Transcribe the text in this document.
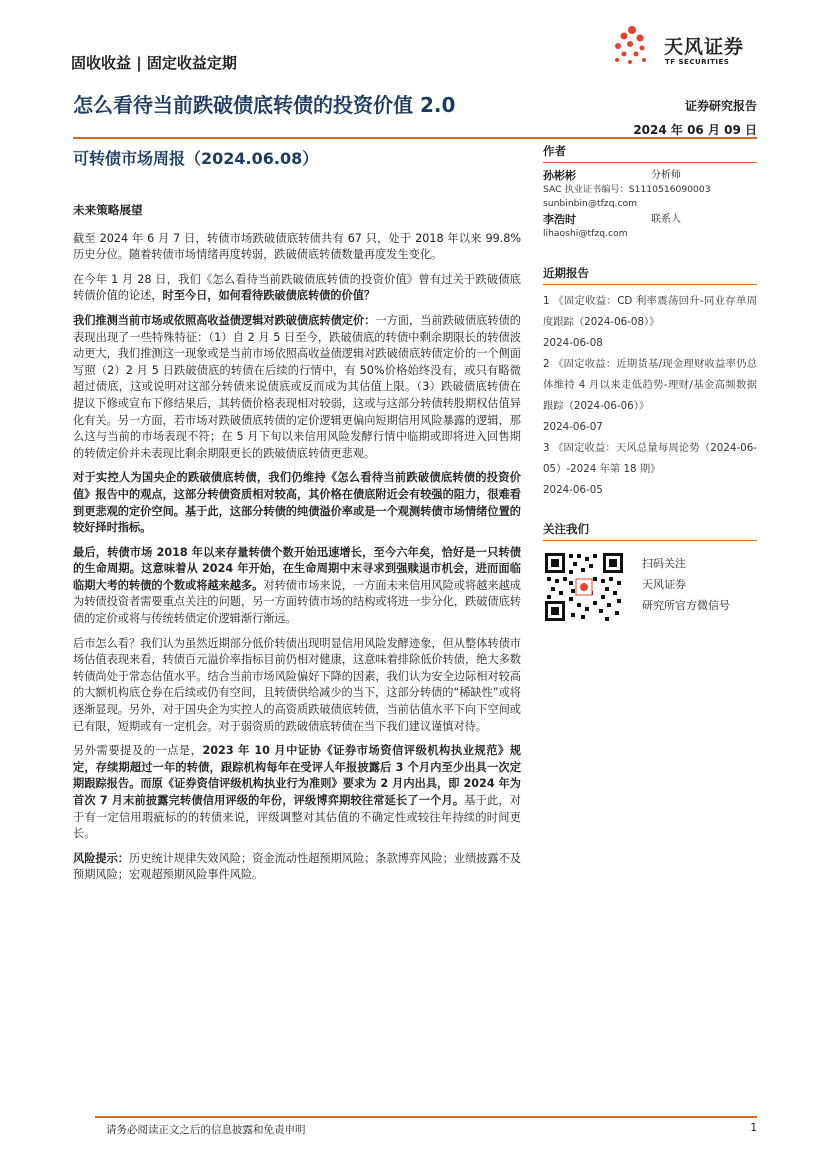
固收收益 | 固定收益定期
天风证券
TF SECURITIES
怎么看待当前跌破债底转债的投资价值 2.0	证券研究报告
2024 年 06 月 09 日
可转债市场周报（2024.06.08）
未来策略展望

截至 2024 年 6 月 7 日，转债市场跌破债底转债共有 67 只，处于 2018 年以来 99.8%历史分位。随着转债市场情绪再度转弱，跌破债底转债数量再度发生变化。

在今年 1 月 28 日，我们《怎么看待当前跌破债底转债的投资价值》曾有过关于跌破债底转债价值的论述，时至今日，如何看待跌破债底转债的价值？

我们推测当前市场或依照高收益债逻辑对跌破债底转债定价：一方面，当前跌破债底转债的表现出现了一些特殊特征：（1）自 2 月 5 日至今，跌破债底的转债中剩余期限长的转债波动更大，我们推测这一现象或是当前市场依照高收益债逻辑对跌破债底转债定价的一个侧面写照（2）2 月 5 日跌破债底的转债在后续的行情中，有 50%价格始终没有，或只有略微超过债底，这或说明对这部分转债来说债底或反而成为其估值上限。（3）跌破债底转债在提议下修或宣布下修结果后，其转债价格表现相对较弱，这或与这部分转债转股期权估值异化有关。另一方面，若市场对跌破债底转债的定价逻辑更偏向短期信用风险暴露的逻辑，那么这与当前的市场表现不符；在 5 月下旬以来信用风险发酵行情中临期或即将进入回售期的转债定价并未表现比剩余期限更长的跌破债底转债更悲观。

对于实控人为国央企的跌破债底转债，我们仍维持《怎么看待当前跌破债底转债的投资价值》报告中的观点，这部分转债资质相对较高，其价格在债底附近会有较强的阻力，很难看到更悲观的定价空间。基于此，这部分转债的纯债溢价率或是一个观测转债市场情绪位置的较好择时指标。

最后，转债市场 2018 年以来存量转债个数开始迅速增长，至今六年矣，恰好是一只转债的生命周期。这意味着从 2024 年开始，在生命周期中末寻求到强赎退市机会，进而面临临期大考的转债的个数或将越来越多。对转债市场来说，一方面未来信用风险或将越来越成为转债投资者需要重点关注的问题，另一方面转债市场的结构或将进一步分化，跌破债底转债的定价或将与传统转债定价逻辑渐行渐远。

后市怎么看？我们认为虽然近期部分低价转债出现明显信用风险发酵迹象，但从整体转债市场估值表现来看，转债百元溢价率指标目前仍相对健康，这意味着排除低价转债，绝大多数转债尚处于常态估值水平。结合当前市场风险偏好下降的因素，我们认为安全边际相对较高的大额机构底仓券在后续或仍有空间，且转债供给减少的当下，这部分转债的“稀缺性”或将逐渐显现。另外，对于国央企为实控人的高资质跌破债底转债，当前估值水平下向下空间或已有限，短期或有一定机会。对于弱资质的跌破债底转债在当下我们建议谨慎对待。

另外需要提及的一点是，2023 年 10 月中证协《证券市场资信评级机构执业规范》规定，存续期超过一年的转债，跟踪机构每年在受评人年报披露后 3 个月内至少出具一次定期跟踪报告。而原《证券资信评级机构执业行为准则》要求为 2 月内出具，即 2024 年为首次 7 月末前披露完转债信用评级的年份，评级博弈期较往常延长了一个月。基于此，对于有一定信用瑕疵标的的转债来说，评级调整对其估值的不确定性或较往年持续的时间更长。

风险提示：历史统计规律失效风险；资金流动性超预期风险；条款博弈风险；业绩披露不及预期风险；宏观超预期风险事件风险。

作者
孙彬彬	分析师
SAC 执业证书编号：S1110516090003
sunbinbin@tfzq.com
李浩时	联系人
lihaoshi@tfzq.com
近期报告
1 《固定收益：CD 利率震荡回升-同业存单周度跟踪（2024-06-08）》
2024-06-08
2 《固定收益：近期货基/现金理财收益率仍总体维持 4 月以来走低趋势-理财/基金高频数据跟踪（2024-06-06）》
2024-06-07
3 《固定收益：天风总量每周论势（2024-06-05）-2024 年第 18 期》
2024-06-05
关注我们
扫码关注
天风证券
研究所官方微信号
请务必阅读正文之后的信息披露和免责申明	1
